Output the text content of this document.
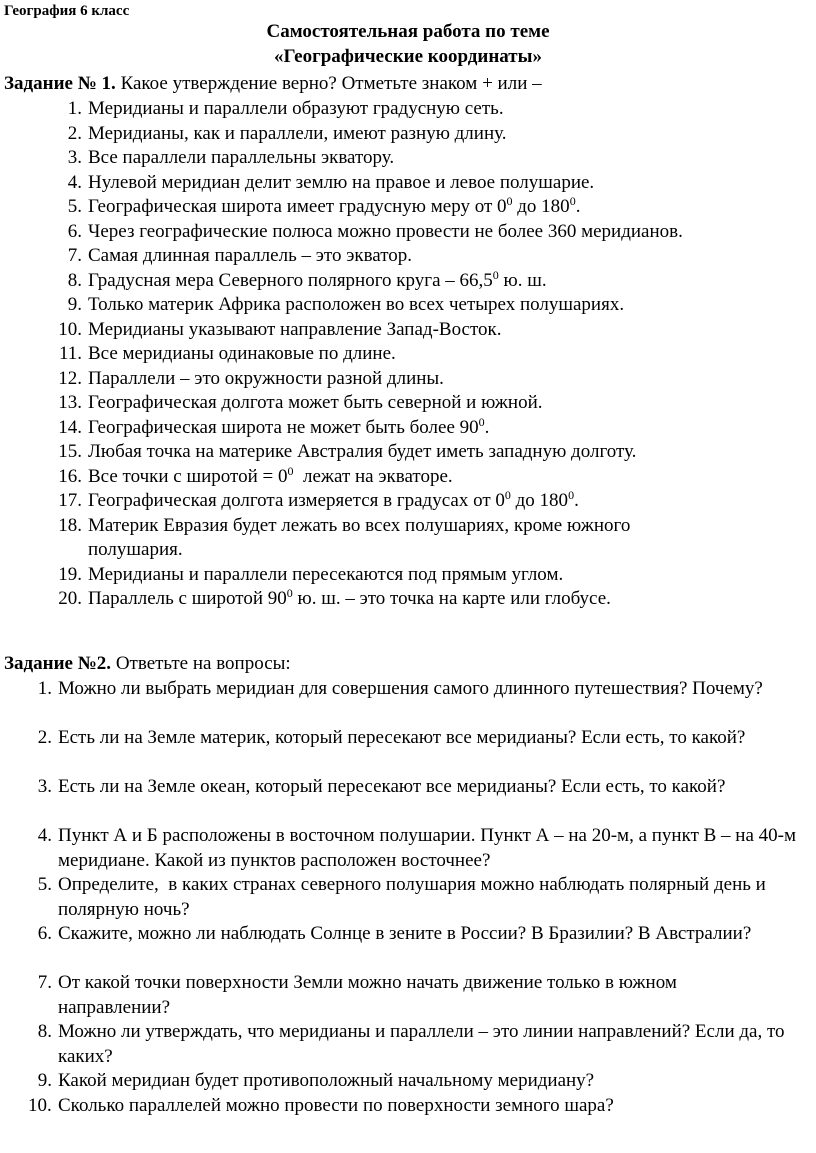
География 6 класс
Самостоятельная работа по теме
«Географические координаты»
Задание № 1. Какое утверждение верно? Отметьте знаком + или –
1. Меридианы и параллели образуют градусную сеть.
2. Меридианы, как и параллели, имеют разную длину.
3. Все параллели параллельны экватору.
4. Нулевой меридиан делит землю на правое и левое полушарие.
5. Географическая широта имеет градусную меру от $0^0$ до $180^0$.
6. Через географические полюса можно провести не более 360 меридианов.
7. Самая длинная параллель – это экватор.
8. Градусная мера Северного полярного круга – 66,5$^0$ ю. ш.
9. Только материк Африка расположен во всех четырех полушариях.
10. Меридианы указывают направление Запад-Восток.
11. Все меридианы одинаковые по длине.
12. Параллели – это окружности разной длины.
13. Географическая долгота может быть северной и южной.
14. Географическая широта не может быть более $90^0$.
15. Любая точка на материке Австралия будет иметь западную долготу.
16. Все точки с широтой = $0^0$  лежат на экваторе.
17. Географическая долгота измеряется в градусах от $0^0$ до $180^0$.
18. Материк Евразия будет лежать во всех полушариях, кроме южного полушария.
19. Меридианы и параллели пересекаются под прямым углом.
20. Параллель с широтой $90^0$ ю. ш. – это точка на карте или глобусе.
Задание №2. Ответьте на вопросы:
1. Можно ли выбрать меридиан для совершения самого длинного путешествия? Почему?
2. Есть ли на Земле материк, который пересекают все меридианы? Если есть, то какой?
3. Есть ли на Земле океан, который пересекают все меридианы? Если есть, то какой?
4. Пункт А и Б расположены в восточном полушарии. Пункт А – на 20-м, а пункт В – на 40-м меридиане. Какой из пунктов расположен восточнее?
5. Определите,  в каких странах северного полушария можно наблюдать полярный день и полярную ночь?
6. Скажите, можно ли наблюдать Солнце в зените в России? В Бразилии? В Австралии?
7. От какой точки поверхности Земли можно начать движение только в южном направлении?
8. Можно ли утверждать, что меридианы и параллели – это линии направлений? Если да, то каких?
9. Какой меридиан будет противоположный начальному меридиану?
10. Сколько параллелей можно провести по поверхности земного шара?
